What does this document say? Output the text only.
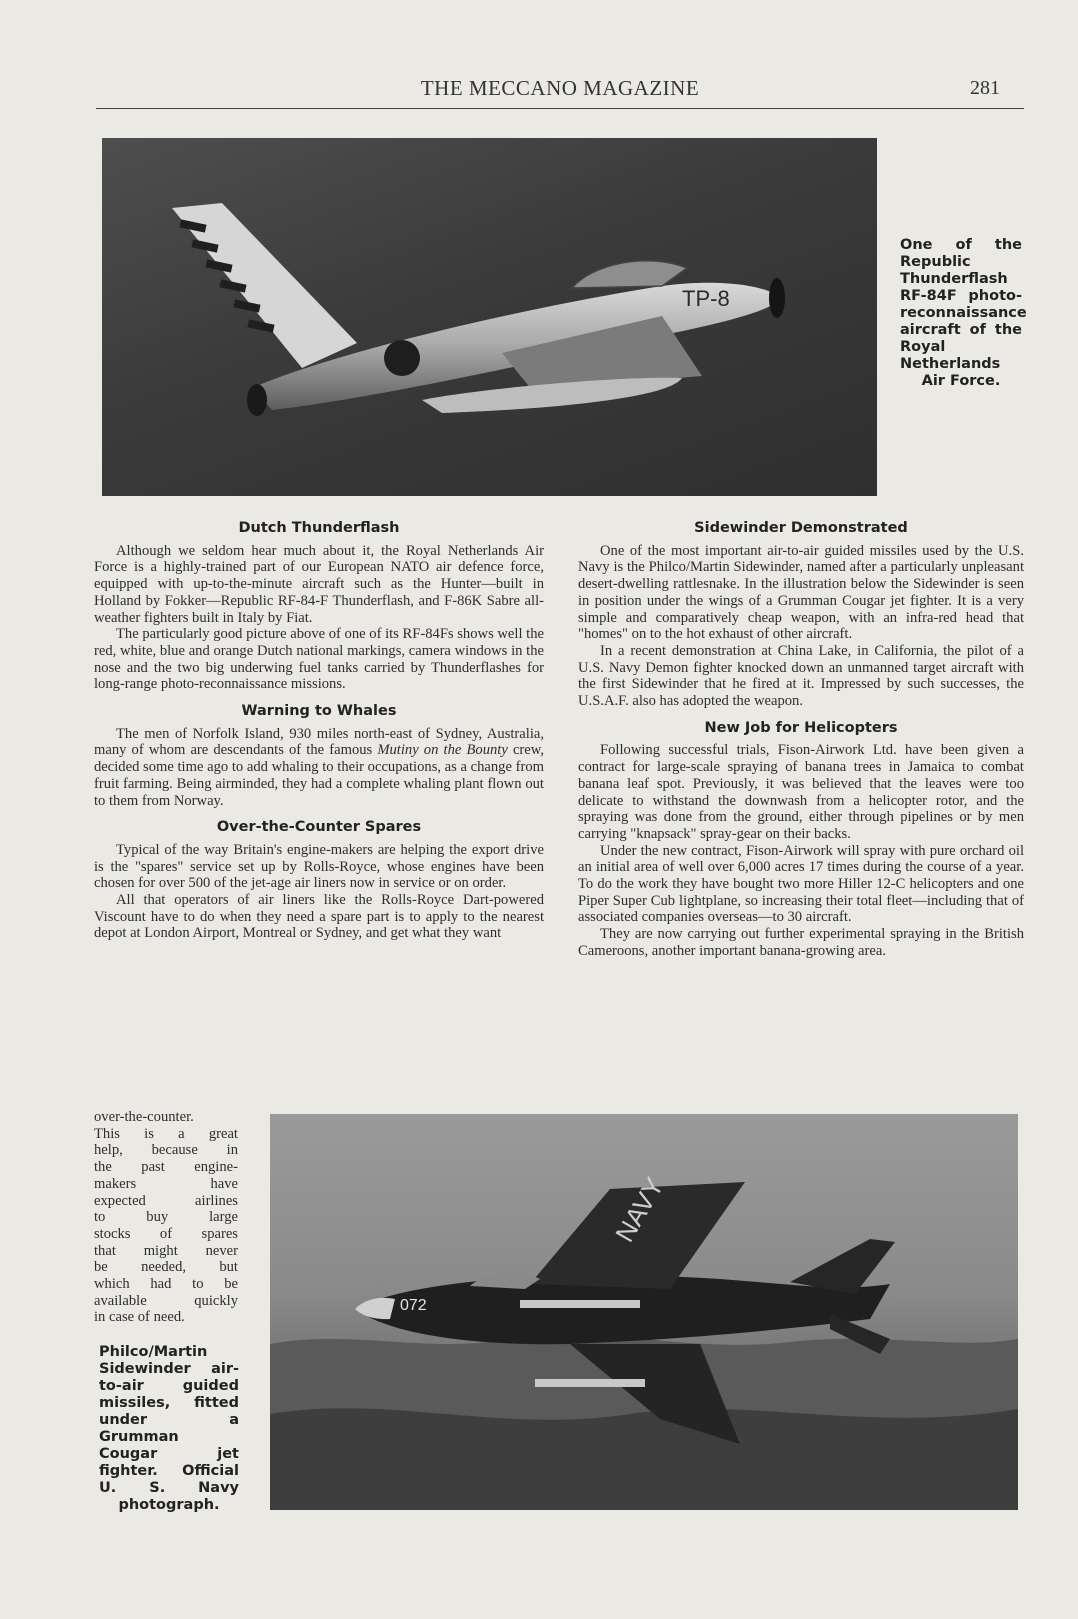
THE MECCANO MAGAZINE	281
TP-8
One of the Republic Thunderflash RF-84F photo-reconnaissance aircraft of the Royal Netherlands Air Force.
Dutch Thunderflash

Although we seldom hear much about it, the Royal Netherlands Air Force is a highly-trained part of our European NATO air defence force, equipped with up-to-the-minute aircraft such as the Hunter—built in Holland by Fokker—Republic RF-84-F Thunderflash, and F-86K Sabre all-weather fighters built in Italy by Fiat.

The particularly good picture above of one of its RF-84Fs shows well the red, white, blue and orange Dutch national markings, camera windows in the nose and the two big underwing fuel tanks carried by Thunderflashes for long-range photo-reconnaissance missions.

Warning to Whales

The men of Norfolk Island, 930 miles north-east of Sydney, Australia, many of whom are descendants of the famous Mutiny on the Bounty crew, decided some time ago to add whaling to their occupations, as a change from fruit farming. Being airminded, they had a complete whaling plant flown out to them from Norway.

Over-the-Counter Spares

Typical of the way Britain's engine-makers are helping the export drive is the "spares" service set up by Rolls-Royce, whose engines have been chosen for over 500 of the jet-age air liners now in service or on order.

All that operators of air liners like the Rolls-Royce Dart-powered Viscount have to do when they need a spare part is to apply to the nearest depot at London Airport, Montreal or Sydney, and get what they want

over-the-counter.
This is a great
help, because in
the past engine-
makers have
expected airlines
to buy large
stocks of spares
that might never
be needed, but
which had to be
available quickly
in case of need.
Sidewinder Demonstrated

One of the most important air-to-air guided missiles used by the U.S. Navy is the Philco/Martin Sidewinder, named after a particularly unpleasant desert-dwelling rattlesnake. In the illustration below the Sidewinder is seen in position under the wings of a Grumman Cougar jet fighter. It is a very simple and comparatively cheap weapon, with an infra-red head that "homes" on to the hot exhaust of other aircraft.

In a recent demonstration at China Lake, in California, the pilot of a U.S. Navy Demon fighter knocked down an unmanned target aircraft with the first Sidewinder that he fired at it. Impressed by such successes, the U.S.A.F. also has adopted the weapon.

New Job for Helicopters

Following successful trials, Fison-Airwork Ltd. have been given a contract for large-scale spraying of banana trees in Jamaica to combat banana leaf spot. Previously, it was believed that the leaves were too delicate to withstand the downwash from a helicopter rotor, and the spraying was done from the ground, either through pipelines or by men carrying "knapsack" spray-gear on their backs.

Under the new contract, Fison-Airwork will spray with pure orchard oil an initial area of well over 6,000 acres 17 times during the course of a year. To do the work they have bought two more Hiller 12-C helicopters and one Piper Super Cub lightplane, so increasing their total fleet—including that of associated companies overseas—to 30 aircraft.

They are now carrying out further experimental spraying in the British Cameroons, another important banana-growing area.

072
NAVY
Philco/Martin Sidewinder air-to-air guided missiles, fitted under a Grumman Cougar jet fighter. Official U. S. Navy photograph.
